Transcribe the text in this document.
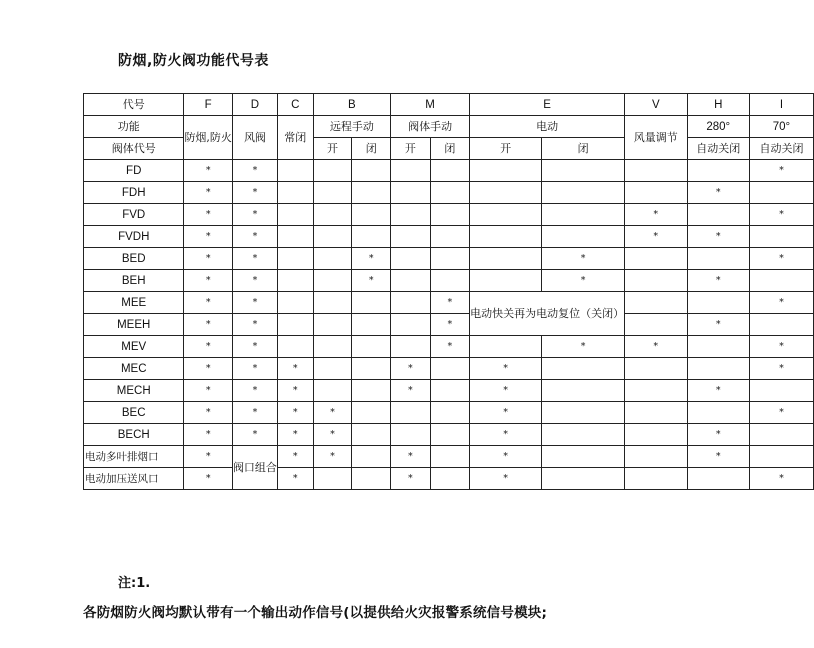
防烟,防火阀功能代号表
代号	F	D	C	B		M		E		V	H	I
功能	防烟,防火	风阀	常闭	远程手动		阀体手动		电动		风量调节	280°	70°
阀体代号				开	闭	开	闭	开	闭		自动关闭	自动关闭
FD	*	*										*
FDH	*	*									*	
FVD	*	*								*		*
FVDH	*	*								*	*	
BED	*	*			*				*			*
BEH	*	*			*				*		*	
MEE	*	*					*	电动快关再为电动复位（关闭）				*
MEEH	*	*					*				*	
MEV	*	*					*		*	*		*
MEC	*	*	*			*		*				*
MECH	*	*	*			*		*			*	
BEC	*	*	*	*				*				*
BECH	*	*	*	*				*			*	
电动多叶排烟口	*	阀口组合	*	*		*		*			*	
电动加压送风口	*		*			*		*				*
注:1.
各防烟防火阀均默认带有一个输出动作信号(以提供给火灾报警系统信号模块;
